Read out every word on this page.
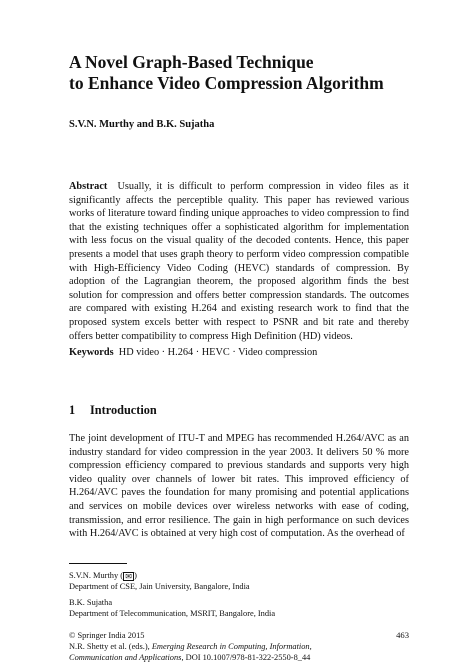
A Novel Graph-Based Technique
to Enhance Video Compression Algorithm
S.V.N. Murthy and B.K. Sujatha

Abstract Usually, it is difficult to perform compression in video files as it significantly affects the perceptible quality. This paper has reviewed various works of literature toward finding unique approaches to video compression to find that the existing techniques offer a sophisticated algorithm for implementation with less focus on the visual quality of the decoded contents. Hence, this paper presents a model that uses graph theory to perform video compression compatible with High-Efficiency Video Coding (HEVC) standards of compression. By adoption of the Lagrangian theorem, the proposed algorithm finds the best solution for compression and offers better compression standards. The outcomes are compared with existing H.264 and existing research work to find that the proposed system excels better with respect to PSNR and bit rate and thereby offers better compatibility to compress High Definition (HD) videos.

Keywords HD video · H.264 · HEVC · Video compression
1 Introduction

The joint development of ITU-T and MPEG has recommended H.264/AVC as an industry standard for video compression in the year 2003. It delivers 50 % more compression efficiency compared to previous standards and supports very high video quality over channels of lower bit rates. This improved efficiency of H.264/AVC paves the foundation for many promising and potential applications and services on mobile devices over wireless networks with ease of coding, transmission, and error resilience. The gain in high performance on such devices with H.264/AVC is obtained at very high cost of computation. As the overhead of

S.V.N. Murthy ( ✉ )
Department of CSE, Jain University, Bangalore, India
B.K. Sujatha
Department of Telecommunication, MSRIT, Bangalore, India
© Springer India 2015
N.R. Shetty et al. (eds.), Emerging Research in Computing, Information,
Communication and Applications, DOI 10.1007/978-81-322-2550-8_44
463
